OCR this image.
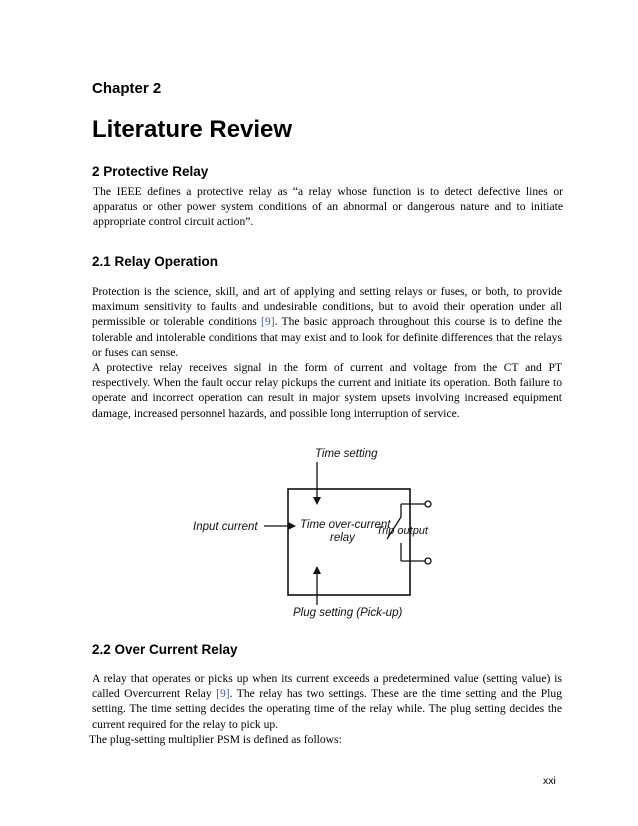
Chapter 2
Literature Review
2 Protective Relay

The IEEE defines a protective relay as “a relay whose function is to detect defective lines or apparatus or other power system conditions of an abnormal or dangerous nature and to initiate appropriate control circuit action”.

2.1 Relay Operation

Protection is the science, skill, and art of applying and setting relays or fuses, or both, to provide maximum sensitivity to faults and undesirable conditions, but to avoid their operation under all permissible or tolerable conditions [9]. The basic approach throughout this course is to define the tolerable and intolerable conditions that may exist and to look for definite differences that the relays or fuses can sense.

A protective relay receives signal in the form of current and voltage from the CT and PT respectively. When the fault occur relay pickups the current and initiate its operation. Both failure to operate and incorrect operation can result in major system upsets involving increased equipment damage, increased personnel hazards, and possible long interruption of service.

Time setting
Input current	Time over-current
relay
Trip output
Plug setting (Pick-up)
2.2 Over Current Relay

A relay that operates or picks up when its current exceeds a predetermined value (setting value) is called Overcurrent Relay [9]. The relay has two settings. These are the time setting and the Plug setting. The time setting decides the operating time of the relay while. The plug setting decides the current required for the relay to pick up.

The plug-setting multiplier PSM is defined as follows:

xxi
